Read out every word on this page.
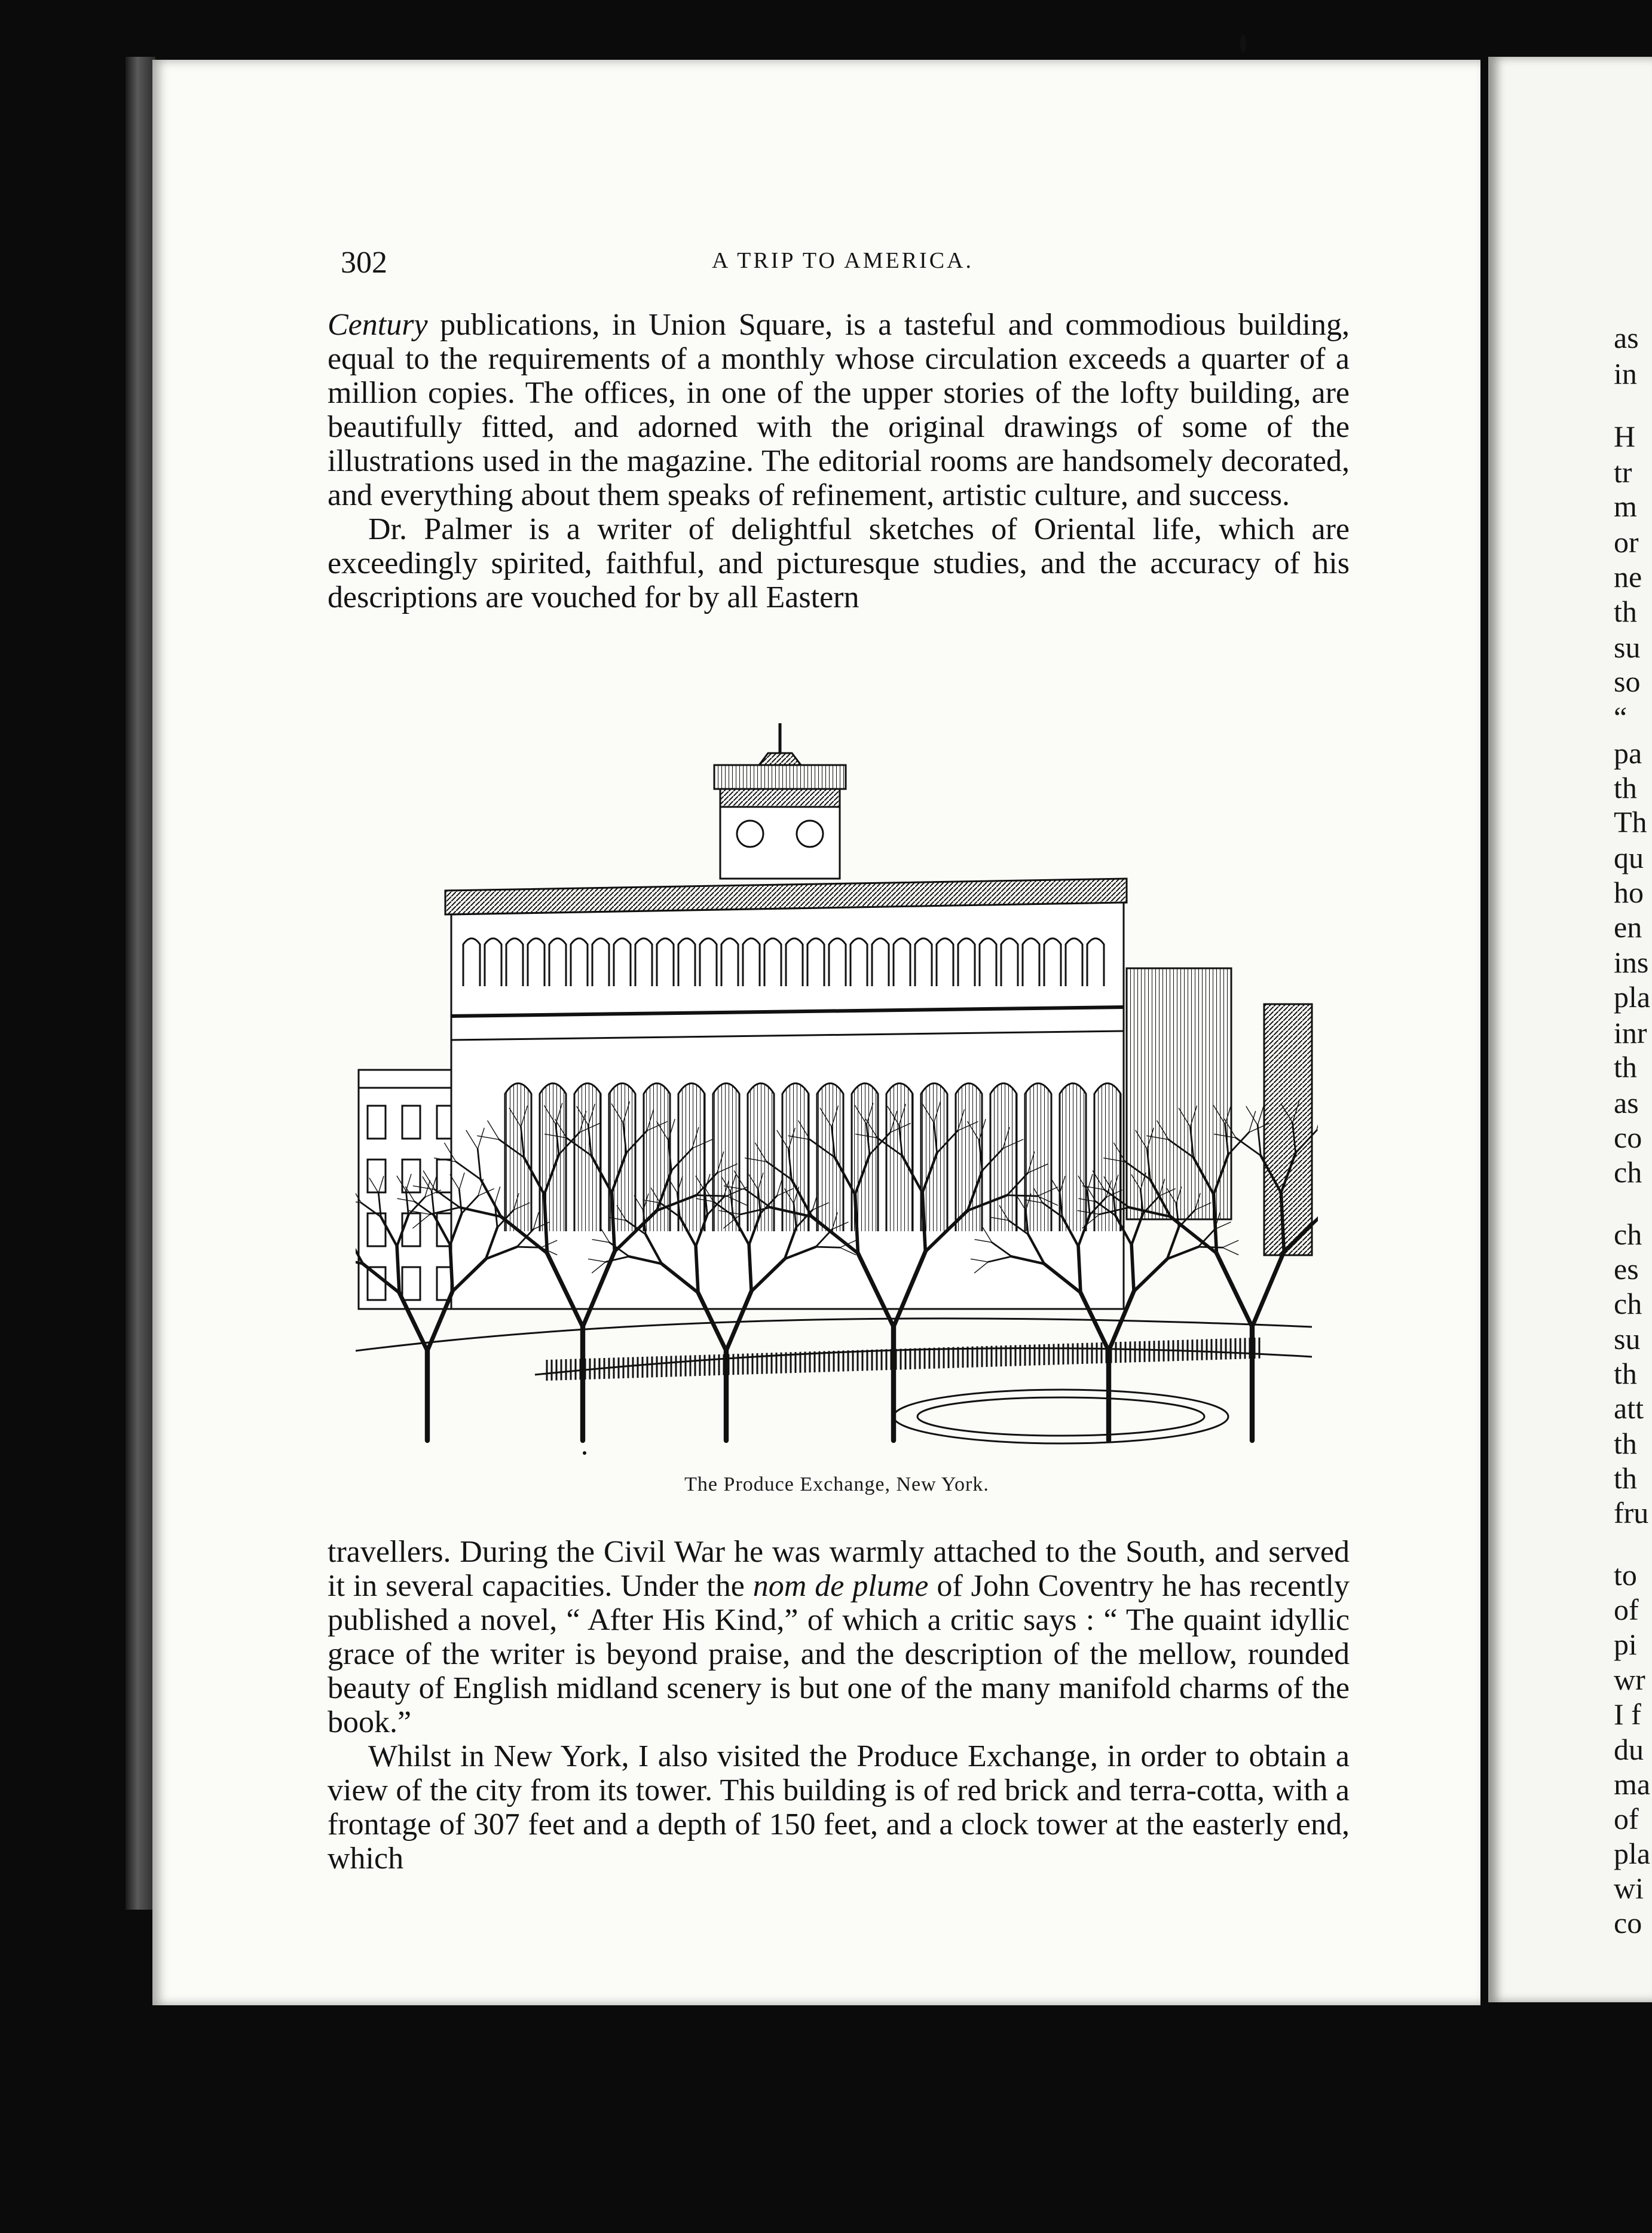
as
in
H
tr
m
or
ne
th
su
so
“
pa
th
Th
qu
ho
en
ins
pla
inr
th
as
co
ch
ch
es
ch
su
th
att
th
th
fru
to
of
pi
wr
I f
du
ma
of
pla
wi
co
302	A TRIP TO AMERICA.

Century publications, in Union Square, is a tasteful and commodious building, equal to the requirements of a monthly whose circulation exceeds a quarter of a million copies. The offices, in one of the upper stories of the lofty building, are beautifully fitted, and adorned with the original drawings of some of the illustrations used in the magazine. The editorial rooms are handsomely decorated, and everything about them speaks of refinement, artistic culture, and success.

Dr. Palmer is a writer of delightful sketches of Oriental life, which are exceedingly spirited, faithful, and picturesque studies, and the accuracy of his descriptions are vouched for by all Eastern

The Produce Exchange, New York.

travellers. During the Civil War he was warmly attached to the South, and served it in several capacities. Under the nom de plume of John Coventry he has recently published a novel, “ After His Kind,” of which a critic says : “ The quaint idyllic grace of the writer is beyond praise, and the description of the mellow, rounded beauty of English midland scenery is but one of the many manifold charms of the book.”

Whilst in New York, I also visited the Produce Exchange, in order to obtain a view of the city from its tower. This building is of red brick and terra-cotta, with a frontage of 307 feet and a depth of 150 feet, and a clock tower at the easterly end, which
